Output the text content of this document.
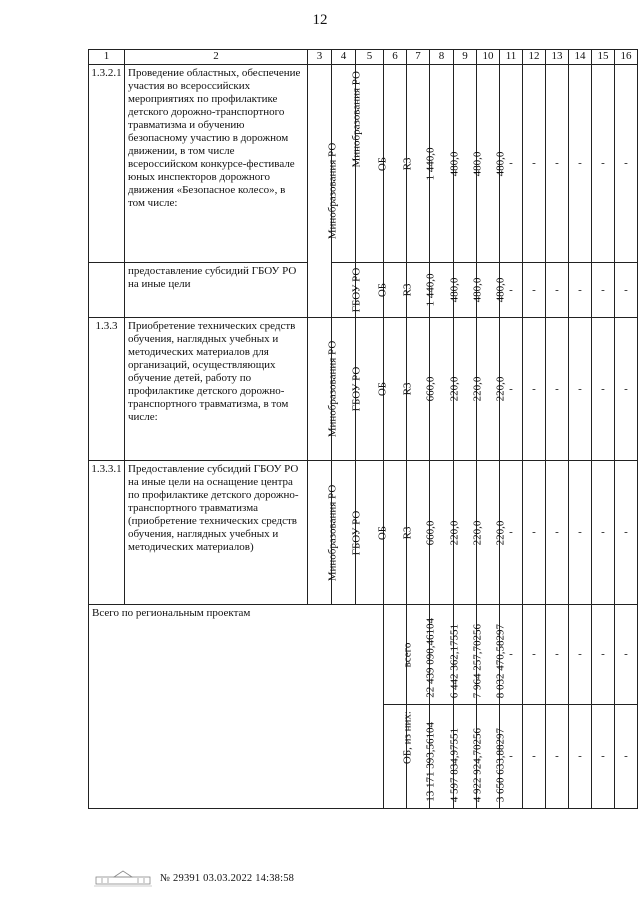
12
1	2	3	4	5	6	7	8	9	10	11	12	13	14	15	16
1.3.2.1	Проведение областных, обеспечение участия во всероссийских мероприятиях по профилактике детского дорожно-транспортного травматизма и обучению безопасному участию в дорожном движении, в том числе всероссийском конкурсе-фестивале юных инспекторов дорожного движения «Безопасное колесо», в том числе:	Минобразования РО	Минобразования РО	ОБ	R3	1 440,0	480,0	480,0	480,0	-	-	-	-	-	-
	предоставление субсидий ГБОУ РО на иные цели		ГБОУ РО	ОБ	R3	1 440,0	480,0	480,0	480,0	-	-	-	-	-	-
1.3.3	Приобретение технических средств обучения, наглядных учебных и методических материалов для организаций, осуществляющих обучение детей, работу по профилактике детского дорожно-транспортного травматизма, в том числе:	Минобразования РО	ГБОУ РО	ОБ	R3	660,0	220,0	220,0	220,0	-	-	-	-	-	-
1.3.3.1	Предоставление субсидий ГБОУ РО на иные цели на оснащение центра по профилактике детского дорожно-транспортного травматизма (приобретение технических средств обучения, наглядных учебных и методических материалов)	Минобразования РО	ГБОУ РО	ОБ	R3	660,0	220,0	220,0	220,0	-	-	-	-	-	-
Всего по региональным проектам					всего	22 439 090,46104	6 442 362,17551	7 964 257,70256	8 032 470,58297	-	-	-	-	-	-

					ОБ, из них:	13 171 393,56104	4 597 834,97551	4 922 924,70256	3 650 633,88297	-	-	-	-	-	-
№ 29391 03.03.2022 14:38:58
